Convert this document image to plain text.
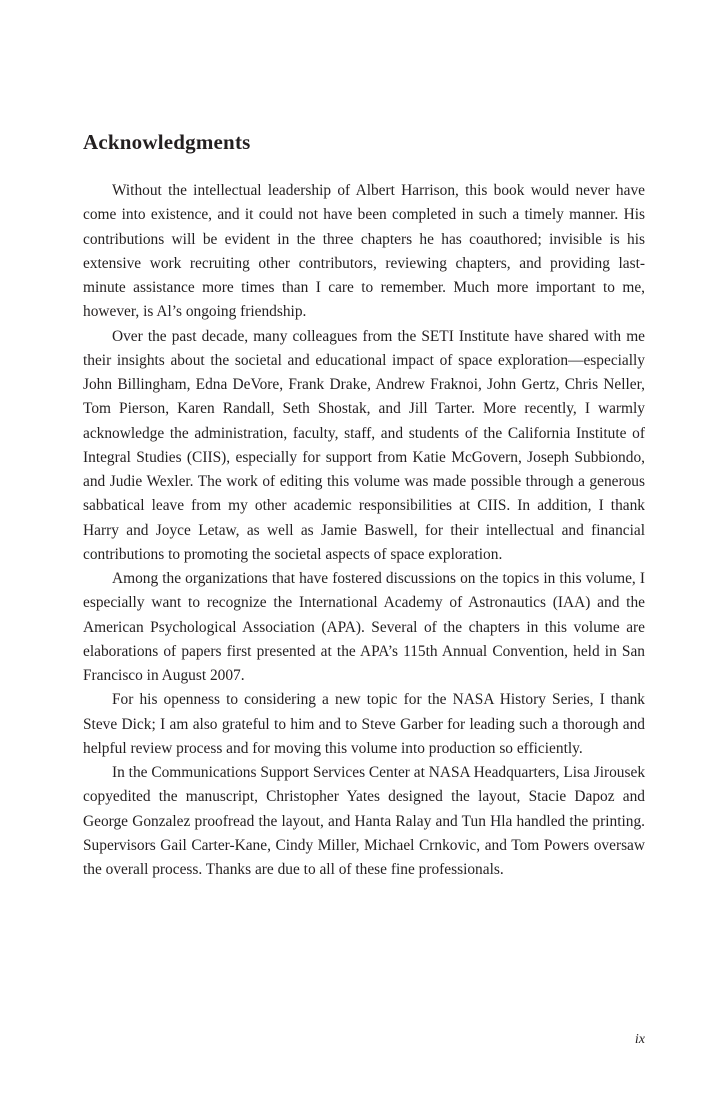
Acknowledgments

Without the intellectual leadership of Albert Harrison, this book would never have come into existence, and it could not have been completed in such a timely manner. His contributions will be evident in the three chapters he has coauthored; invisible is his extensive work recruiting other contributors, reviewing chapters, and providing last-minute assistance more times than I care to remember. Much more important to me, however, is Al’s ongoing friendship.

Over the past decade, many colleagues from the SETI Institute have shared with me their insights about the societal and educational impact of space exploration—especially John Billingham, Edna DeVore, Frank Drake, Andrew Fraknoi, John Gertz, Chris Neller, Tom Pierson, Karen Randall, Seth Shostak, and Jill Tarter. More recently, I warmly acknowledge the administration, faculty, staff, and students of the California Institute of Integral Studies (CIIS), especially for support from Katie McGovern, Joseph Subbiondo, and Judie Wexler. The work of editing this volume was made possible through a generous sabbatical leave from my other academic responsibilities at CIIS. In addition, I thank Harry and Joyce Letaw, as well as Jamie Baswell, for their intellectual and financial contributions to promoting the societal aspects of space exploration.

Among the organizations that have fostered discussions on the topics in this volume, I especially want to recognize the International Academy of Astronautics (IAA) and the American Psychological Association (APA). Several of the chapters in this volume are elaborations of papers first presented at the APA’s 115th Annual Convention, held in San Francisco in August 2007.

For his openness to considering a new topic for the NASA History Series, I thank Steve Dick; I am also grateful to him and to Steve Garber for leading such a thorough and helpful review process and for moving this volume into production so efficiently.

In the Communications Support Services Center at NASA Headquarters, Lisa Jirousek copyedited the manuscript, Christopher Yates designed the layout, Stacie Dapoz and George Gonzalez proofread the layout, and Hanta Ralay and Tun Hla handled the printing. Supervisors Gail Carter-Kane, Cindy Miller, Michael Crnkovic, and Tom Powers oversaw the overall process. Thanks are due to all of these fine professionals.

ix
